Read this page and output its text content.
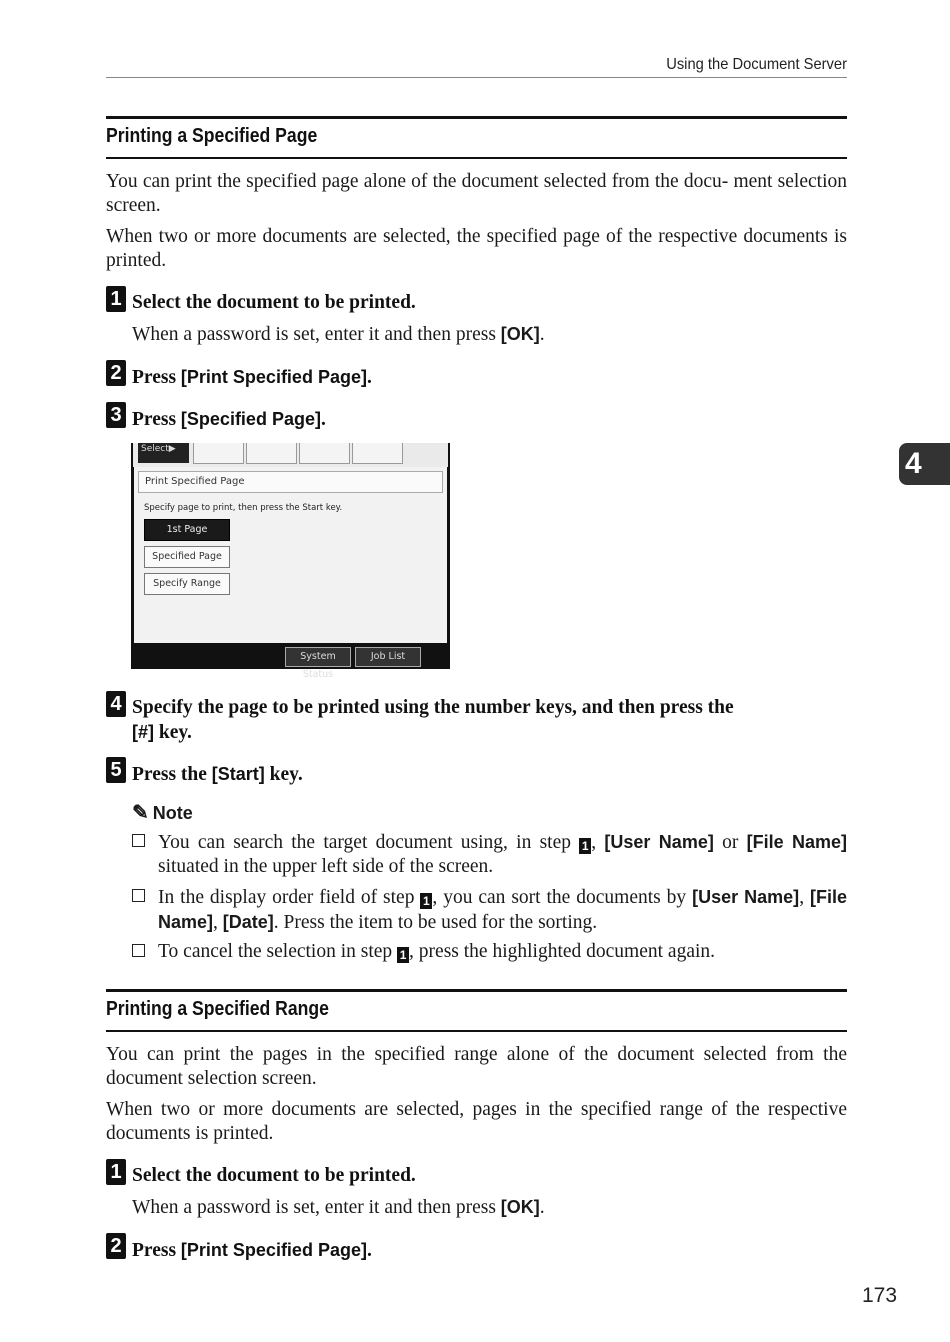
Using the Document Server
Printing a Specified Page
You can print the specified page alone of the document selected from the docu- ment selection screen.
When two or more documents are selected, the specified page of the respective documents is printed.
1 Select the document to be printed.
When a password is set, enter it and then press [OK].
2 Press [Print Specified Page].
3 Press [Specified Page].
Select▶
Print Specified Page
Specify page to print, then press the Start key.
1st Page
Specified Page
Specify Range
System Status
Job List
4 Specify the page to be printed using the number keys, and then press the
[#] key.
5 Press the [Start] key.
✎ Note
You can search the target document using, in step 1 , [User Name] or [File Name] situated in the upper left side of the screen.
In the display order field of step 1 , you can sort the documents by [User Name], [File Name], [Date]. Press the item to be used for the sorting.
To cancel the selection in step 1 , press the highlighted document again.
Printing a Specified Range
You can print the pages in the specified range alone of the document selected from the document selection screen.
When two or more documents are selected, pages in the specified range of the respective documents is printed.
1 Select the document to be printed.
When a password is set, enter it and then press [OK].
2 Press [Print Specified Page].
4
173
